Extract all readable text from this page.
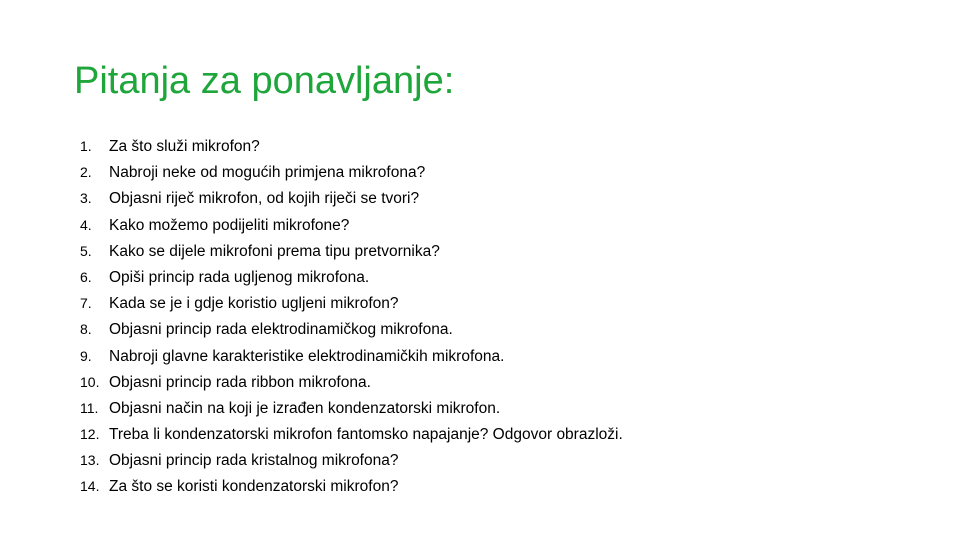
Pitanja za ponavljanje:
1.	Za što služi mikrofon?
2.	Nabroji neke od mogućih primjena mikrofona?
3.	Objasni riječ mikrofon, od kojih riječi se tvori?
4.	Kako možemo podijeliti mikrofone?
5.	Kako se dijele mikrofoni prema tipu pretvornika?
6.	Opiši princip rada ugljenog mikrofona.
7.	Kada se je i gdje koristio ugljeni mikrofon?
8.	Objasni princip rada elektrodinamičkog mikrofona.
9.	Nabroji glavne karakteristike elektrodinamičkih mikrofona.
10. Objasni princip rada ribbon mikrofona.
11. Objasni način na koji je izrađen kondenzatorski mikrofon.
12. Treba li kondenzatorski mikrofon fantomsko napajanje? Odgovor obrazloži.
13. Objasni princip rada kristalnog mikrofona?
14. Za što se koristi kondenzatorski mikrofon?
